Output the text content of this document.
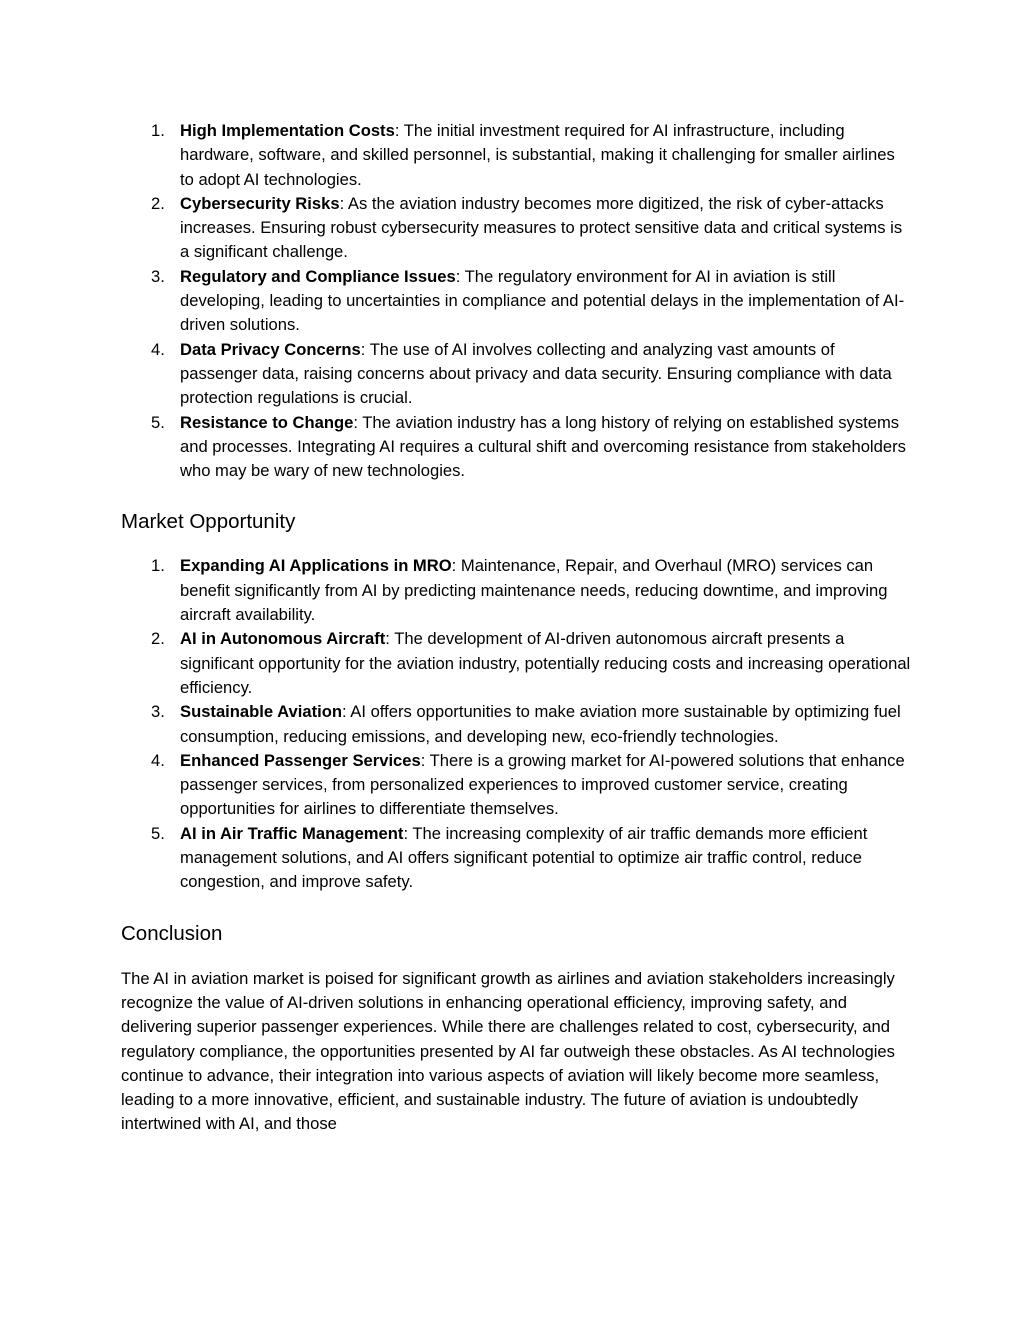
1. High Implementation Costs: The initial investment required for AI infrastructure, including hardware, software, and skilled personnel, is substantial, making it challenging for smaller airlines to adopt AI technologies.
2. Cybersecurity Risks: As the aviation industry becomes more digitized, the risk of cyber-attacks increases. Ensuring robust cybersecurity measures to protect sensitive data and critical systems is a significant challenge.
3. Regulatory and Compliance Issues: The regulatory environment for AI in aviation is still developing, leading to uncertainties in compliance and potential delays in the implementation of AI-driven solutions.
4. Data Privacy Concerns: The use of AI involves collecting and analyzing vast amounts of passenger data, raising concerns about privacy and data security. Ensuring compliance with data protection regulations is crucial.
5. Resistance to Change: The aviation industry has a long history of relying on established systems and processes. Integrating AI requires a cultural shift and overcoming resistance from stakeholders who may be wary of new technologies.
Market Opportunity
1. Expanding AI Applications in MRO: Maintenance, Repair, and Overhaul (MRO) services can benefit significantly from AI by predicting maintenance needs, reducing downtime, and improving aircraft availability.
2. AI in Autonomous Aircraft: The development of AI-driven autonomous aircraft presents a significant opportunity for the aviation industry, potentially reducing costs and increasing operational efficiency.
3. Sustainable Aviation: AI offers opportunities to make aviation more sustainable by optimizing fuel consumption, reducing emissions, and developing new, eco-friendly technologies.
4. Enhanced Passenger Services: There is a growing market for AI-powered solutions that enhance passenger services, from personalized experiences to improved customer service, creating opportunities for airlines to differentiate themselves.
5. AI in Air Traffic Management: The increasing complexity of air traffic demands more efficient management solutions, and AI offers significant potential to optimize air traffic control, reduce congestion, and improve safety.
Conclusion

The AI in aviation market is poised for significant growth as airlines and aviation stakeholders increasingly recognize the value of AI-driven solutions in enhancing operational efficiency, improving safety, and delivering superior passenger experiences. While there are challenges related to cost, cybersecurity, and regulatory compliance, the opportunities presented by AI far outweigh these obstacles. As AI technologies continue to advance, their integration into various aspects of aviation will likely become more seamless, leading to a more innovative, efficient, and sustainable industry. The future of aviation is undoubtedly intertwined with AI, and those
